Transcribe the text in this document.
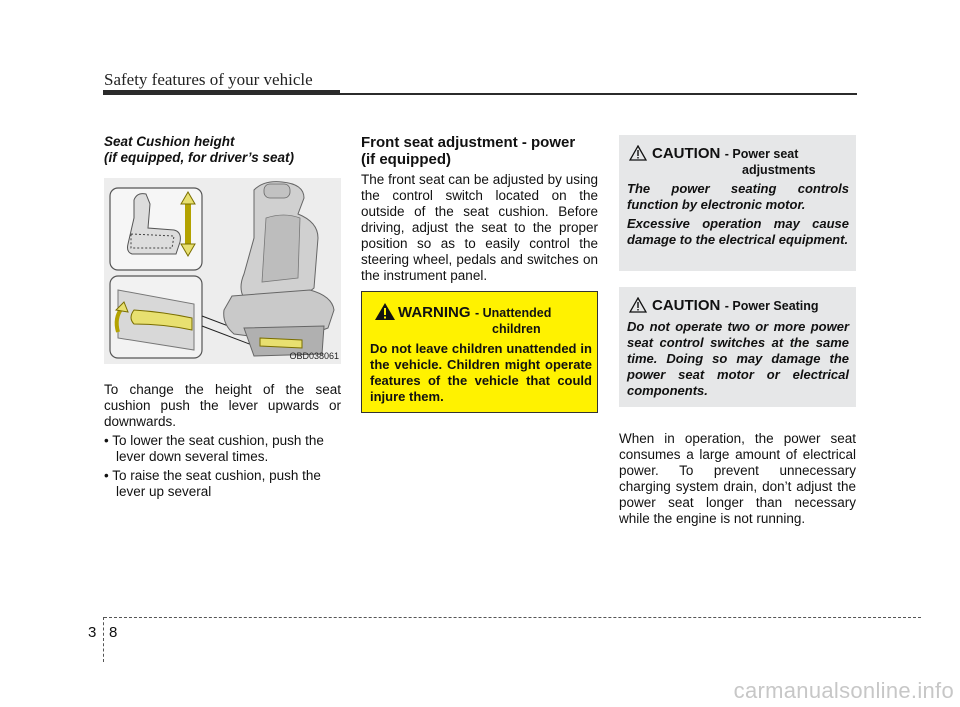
Safety features of your vehicle
Seat Cushion height
(if equipped, for driver’s seat)
OBD038061
To change the height of the seat cushion push the lever upwards or downwards.
• To lower the seat cushion, push the lever down several times.
• To raise the seat cushion, push the lever up several
Front seat adjustment - power
(if equipped)
The front seat can be adjusted by using the control switch located on the outside of the seat cushion. Before driving, adjust the seat to the proper position so as to easily control the steering wheel, pedals and switches on the instrument panel.
WARNING - Unattended
children
Do not leave children unattended in the vehicle. Children might operate features of the vehicle that could injure them.
CAUTION - Power seat
adjustments
The power seating controls function by electronic motor.
Excessive operation may cause damage to the electrical equipment.
CAUTION - Power Seating
Do not operate two or more power seat control switches at the same time. Doing so may damage the power seat motor or electrical components.
When in operation, the power seat consumes a large amount of electrical power. To prevent unnecessary charging system drain, don’t adjust the power seat longer than necessary while the engine is not running.
3 8
carmanualsonline.info
